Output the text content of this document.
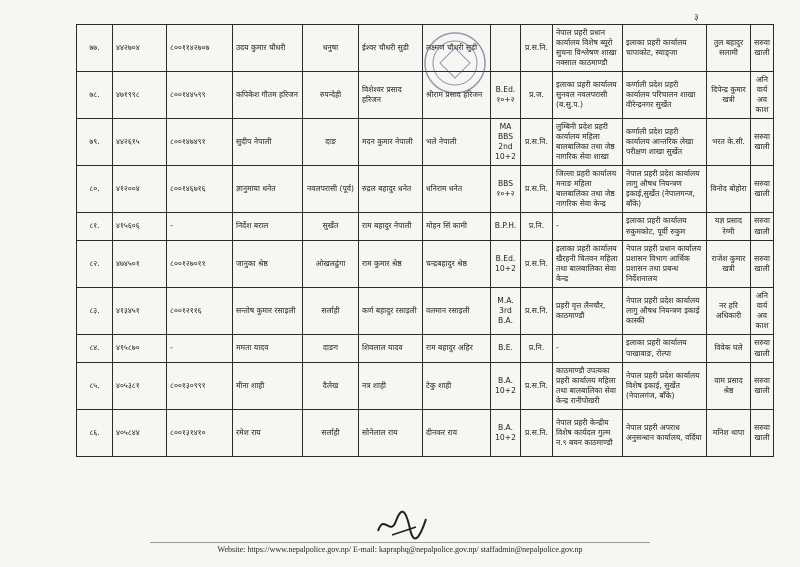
३
७७.	४४२७०४	८००११४२७०७	उदय कुमार चौधरी	धनुषा	ईश्वर चौधरी सुडी	लक्ष्मण चौधरी सुडी		प्र.स.नि.	नेपाल प्रहरी प्रधान कार्यालय विशेष ब्यूरो सुचना विश्लेषण शाखा नक्साल काठमाण्डौ	इलाका प्रहरी कार्यालय चापाकोट, स्याङ्जा	तुल बहादुर सलामी	सरुवा खाली
७८.	४७१९९८	८००१४४५९९	कपिकेश गौतम हरिजन	रुपन्देही	विशेश्वर प्रसाद हरिजन	श्रीराम प्रसाद हरिजन	B.Ed. १०+२	प्र.ज.	इलाका प्रहरी कार्यालय सुनवल नवलपरासी (ब.सु.प.)	कर्णाली प्रदेश प्रहरी कार्यालय परिचालन शाखा वीरेन्द्रनगर सुर्खेत	दिपेन्द्र कुमार खत्री	अनिवार्य अवकाश
७९.	४४२६१५	८००१४७४९१	सुदीप नेपाली	दाङ	मदन कुमार नेपाली	भले नेपाली	MA BBS 2nd 10+2	प्र.स.नि.	लुम्बिनी प्रदेश प्रहरी कार्यालय महिला बालबालिका तथा जेष्ठ नागरिक सेवा शाखा	कर्णाली प्रदेश प्रहरी कार्यालय आन्तरिक लेखा परीक्षण शाखा सुर्खेत	भरत के.सी.	सरुवा खाली
८०.	४१२००४	८००१४६७१६	ज्ञानुमाया धनेत	नवलपरासी (पूर्व)	रुद्रल बहादुर धनेत	धनिराम धनेत	BBS १०+२	प्र.स.नि.	जिल्ला प्रहरी कार्यालय मनाङ महिला बालबालिका तथा जेष्ठ नागरिक सेवा केन्द्र	नेपाल प्रहरी प्रदेश कार्यालय लागु औषध नियन्त्रण इकाई,सुर्खेत (नेपालगन्ज, बाँके)	विनोद बोहोरा	सरुवा खाली
८१.	४१५६०६	-	निर्देश बराल	सुर्खेत	राम बहादुर नेपाली	मोहन सिं कामी	B.P.H.	प्र.नि.	-	इलाका प्रहरी कार्यालय रुकुमकोट, पूर्वी रुकुम	यज्ञ प्रसाद रेग्मी	सरुवा खाली
८२.	४७४५०१	८००१२७०११	जानुका श्रेष्ठ	ओखलढुंगा	राम कुमार श्रेष्ठ	चन्द्रबहादुर श्रेष्ठ	B.Ed. 10+2	प्र.स.नि.	इलाका प्रहरी कार्यालय खैरहनी चितवन महिला तथा बालबालिका सेवा केन्द्र	नेपाल प्रहरी प्रधान कार्यालय प्रशासन विभाग आर्थिक प्रशासन तथा प्रबन्ध निर्देशनालय	राजेश कुमार खत्री	सरुवा खाली
८३.	४१३४५१	८००१२११६	सन्तोष कुमार रसाइली	सर्लाही	कर्ण बहादुर रसाइली	वलमान रसाइली	M.A. 3rd B.A.	प्र.स.नि.	प्रहरी वृत्त लैनचौर, काठमाण्डौ	नेपाल प्रहरी प्रदेश कार्यालय लागु औषध नियन्त्रण इकाई कास्की	नर हरि अधिकारी	अनिवार्य अवकाश
८४.	४१५८७०	-	ममता यादव	दाङग	शिवलाल यादव	राम बहादुर अहिर	B.E.	प्र.नि.	-	इलाका प्रहरी कार्यालय पाखावाङ, रोल्पा	विवेक घले	सरुवा खाली
८५.	४०५३८१	८००१३०९९१	मीना शाही	दैलेख	नत्र शाही	टेकु शाही	B.A. 10+2	प्र.स.नि.	काठमाण्डौ उपत्यका प्रहरी कार्यालय महिला तथा बालबालिका सेवा केन्द्र रानीपोखरी	नेपाल प्रहरी प्रदेश कार्यालय विशेष इकाई, सुर्खेत (नेपालगंज, बाँके)	वाम प्रसाद श्रेष्ठ	सरुवा खाली
८६.	४०५८४४	८००१३१४१०	रमेश राय	सर्लाही	सोनेलाल राय	दीनकर राय	B.A. 10+2	प्र.स.नि.	नेपाल प्रहरी केन्द्रीय विशेष कार्यदल गुल्म न.९ बयन काठमाण्डौ	नेपाल प्रहरी अपराध अनुसन्धान कार्यालय, वर्दिया	मनिश थापा	सरुवा खाली
Website: https://www.nepalpolice.gov.np/ E-mail: kapraphq@nepalpolice.gov.np/ staffadmin@nepalpolice.gov.np
